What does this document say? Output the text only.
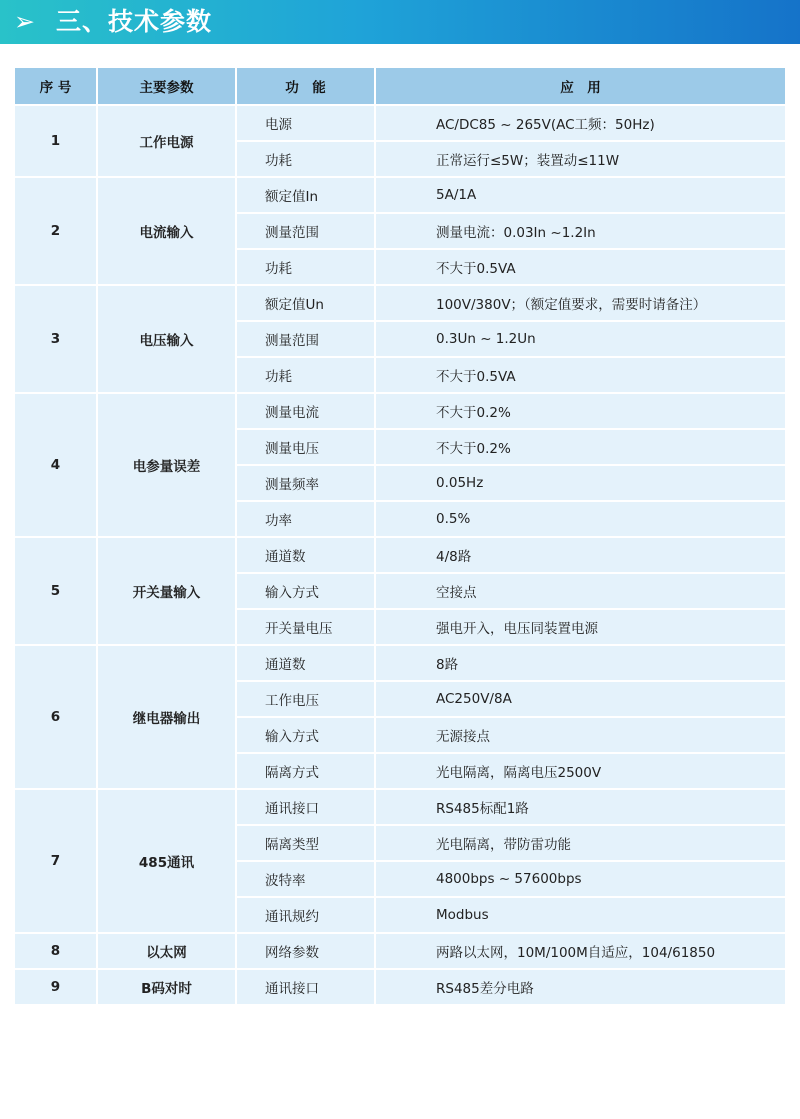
➢ 三、技术参数
序 号	主要参数	功　能	应　用
1	工作电源	电源	AC/DC85 ~ 265V(AC工频：50Hz)
		功耗	正常运行≤5W；装置动≤11W
2	电流输入	额定值In	5A/1A
		测量范围	测量电流：0.03In ~1.2In
		功耗	不大于0.5VA
3	电压输入	额定值Un	100V/380V；（额定值要求，需要时请备注）
		测量范围	0.3Un ~ 1.2Un
		功耗	不大于0.5VA
4	电参量误差	测量电流	不大于0.2%
		测量电压	不大于0.2%
		测量频率	0.05Hz
		功率	0.5%
5	开关量输入	通道数	4/8路
		输入方式	空接点
		开关量电压	强电开入，电压同装置电源
6	继电器输出	通道数	8路
		工作电压	AC250V/8A
		输入方式	无源接点
		隔离方式	光电隔离，隔离电压2500V
7	485通讯	通讯接口	RS485标配1路
		隔离类型	光电隔离，带防雷功能
		波特率	4800bps ~ 57600bps
		通讯规约	Modbus
8	以太网	网络参数	两路以太网，10M/100M自适应，104/61850
9	B码对时	通讯接口	RS485差分电路
